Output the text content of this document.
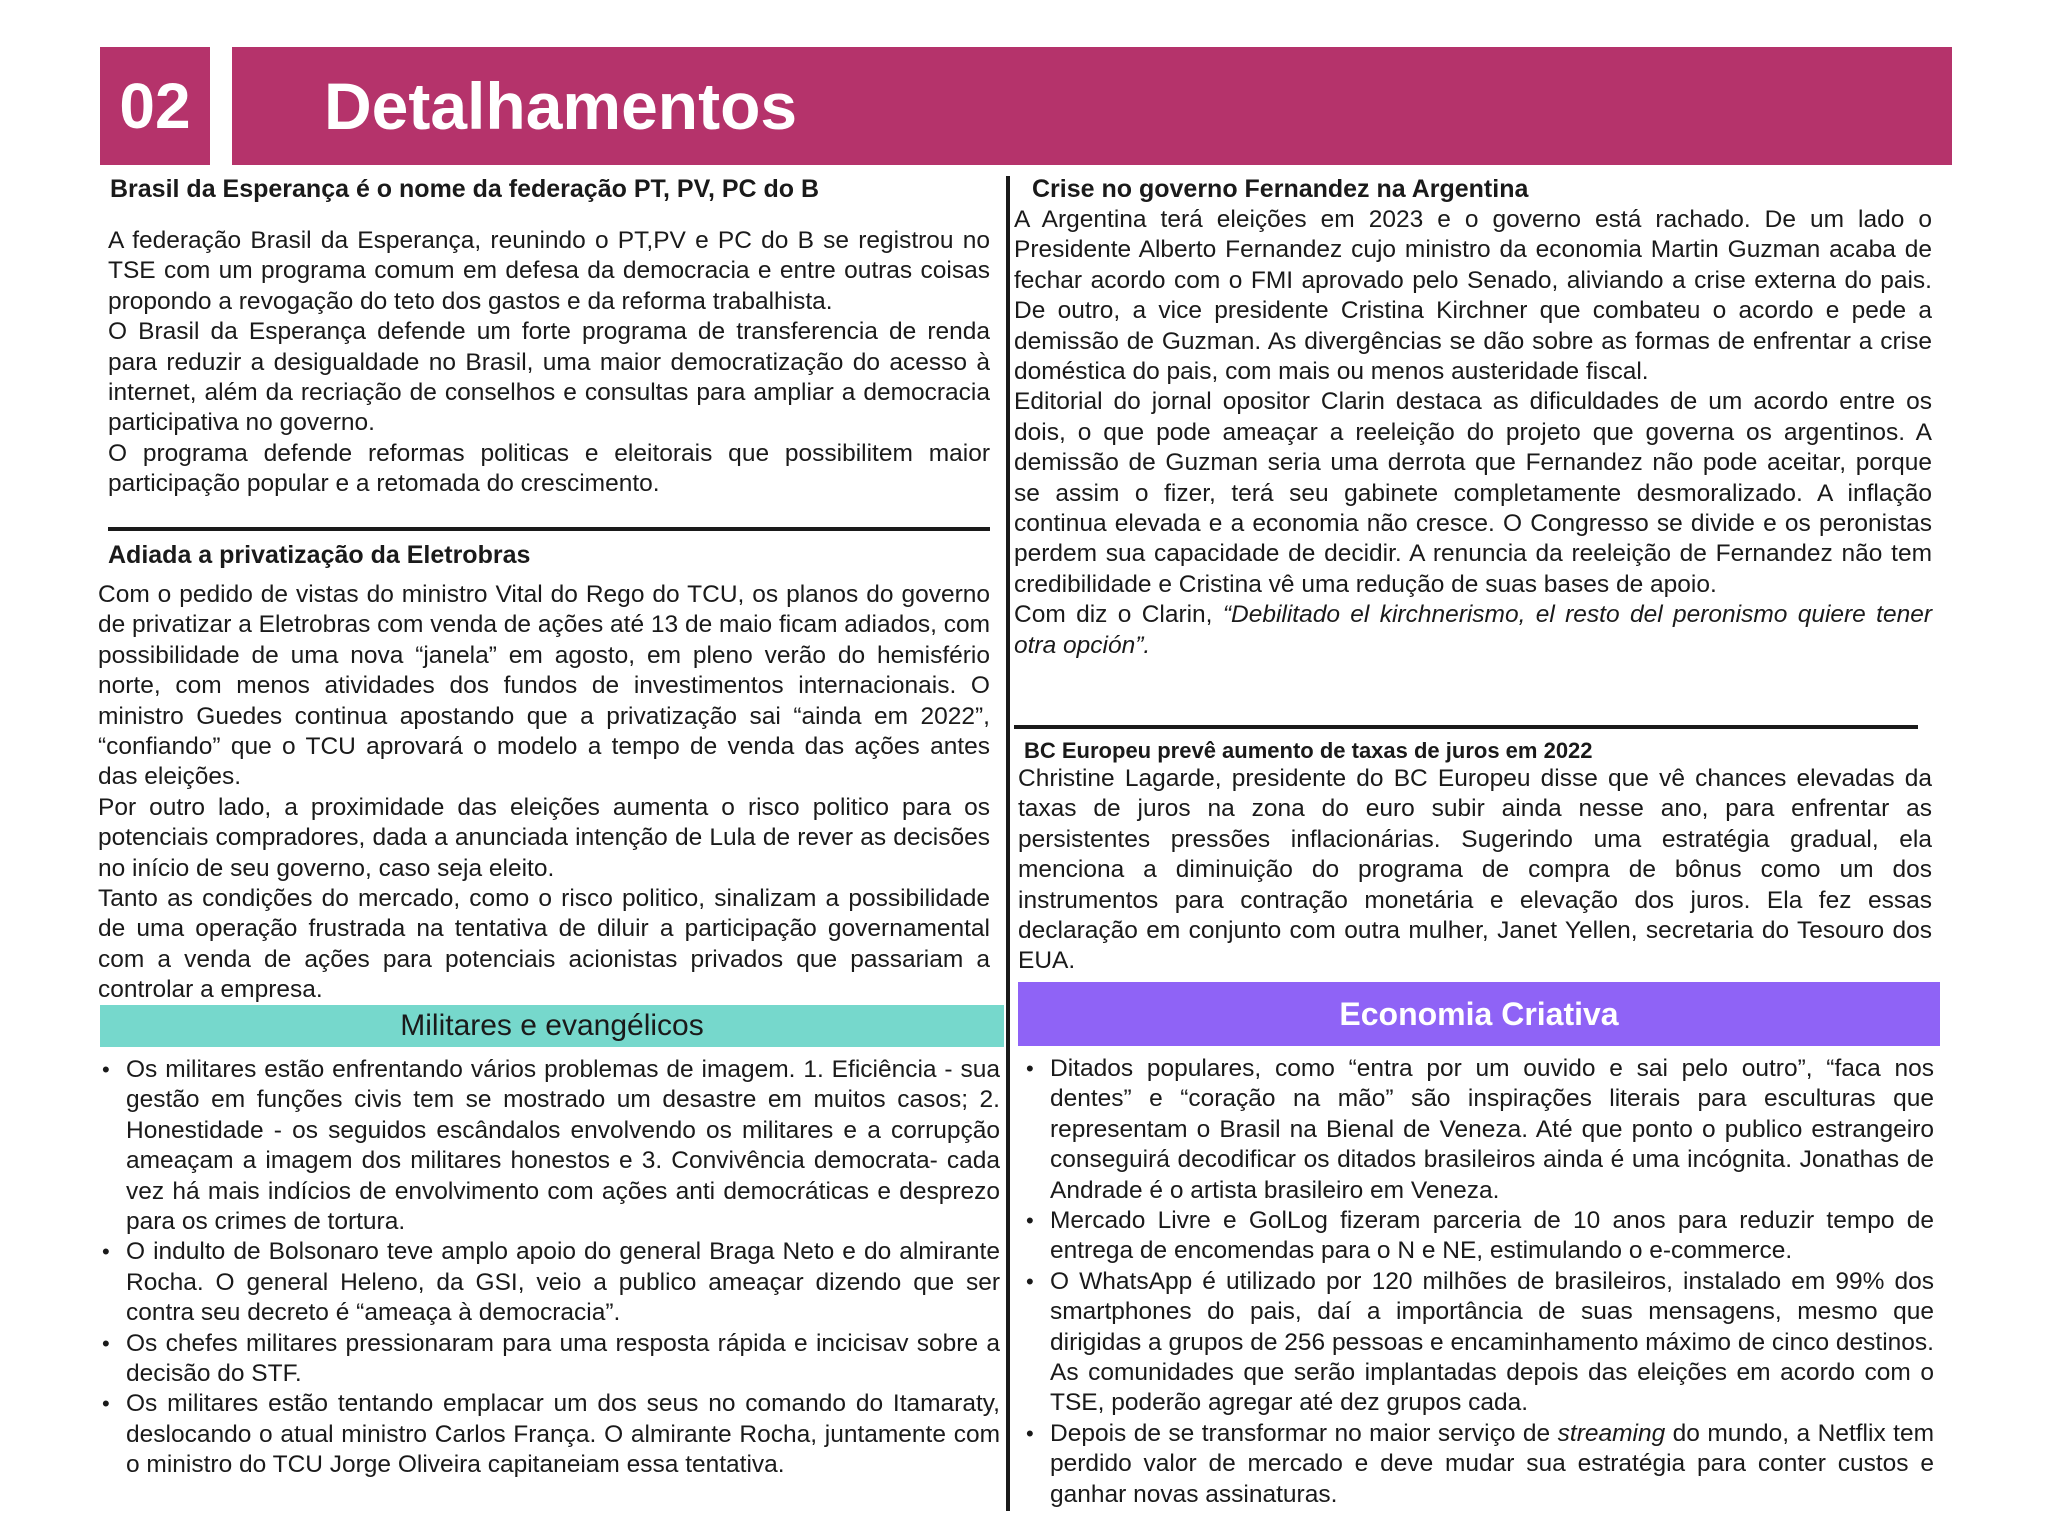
02	Detalhamentos
Brasil da Esperança é o nome da federação PT, PV, PC do B

A federação Brasil da Esperança, reunindo o PT,PV e PC do B se registrou no TSE com um programa comum em defesa da democracia e entre outras coisas propondo a revogação do teto dos gastos e da reforma trabalhista.

O Brasil da Esperança defende um forte programa de transferencia de renda para reduzir a desigualdade no Brasil, uma maior democratização do acesso à internet, além da recriação de conselhos e consultas para ampliar a democracia participativa no governo.

O programa defende reformas politicas e eleitorais que possibilitem maior participação popular e a retomada do crescimento.

Adiada a privatização da Eletrobras

Com o pedido de vistas do ministro Vital do Rego do TCU, os planos do governo de privatizar a Eletrobras com venda de ações até 13 de maio ficam adiados, com possibilidade de uma nova “janela” em agosto, em pleno verão do hemisfério norte, com menos atividades dos fundos de investimentos internacionais. O ministro Guedes continua apostando que a privatização sai “ainda em 2022”, “confiando” que o TCU aprovará o modelo a tempo de venda das ações antes das eleições.

Por outro lado, a proximidade das eleições aumenta o risco politico para os potenciais compradores, dada a anunciada intenção de Lula de rever as decisões no início de seu governo, caso seja eleito.

Tanto as condições do mercado, como o risco politico, sinalizam a possibilidade de uma operação frustrada na tentativa de diluir a participação governamental com a venda de ações para potenciais acionistas privados que passariam a controlar a empresa.

Militares e evangélicos
• Os militares estão enfrentando vários problemas de imagem. 1. Eficiência - sua gestão em funções civis tem se mostrado um desastre em muitos casos; 2. Honestidade - os seguidos escândalos envolvendo os militares e a corrupção ameaçam a imagem dos militares honestos e 3. Convivência democrata- cada vez há mais indícios de envolvimento com ações anti democráticas e desprezo para os crimes de tortura.
• O indulto de Bolsonaro teve amplo apoio do general Braga Neto e do almirante Rocha. O general Heleno, da GSI, veio a publico ameaçar dizendo que ser contra seu decreto é “ameaça à democracia”.
• Os chefes militares pressionaram para uma resposta rápida e incicisav sobre a decisão do STF.
• Os militares estão tentando emplacar um dos seus no comando do Itamaraty, deslocando o atual ministro Carlos França. O almirante Rocha, juntamente com o ministro do TCU Jorge Oliveira capitaneiam essa tentativa.
Crise no governo Fernandez na Argentina

A Argentina terá eleições em 2023 e o governo está rachado. De um lado o Presidente Alberto Fernandez cujo ministro da economia Martin Guzman acaba de fechar acordo com o FMI aprovado pelo Senado, aliviando a crise externa do pais. De outro, a vice presidente Cristina Kirchner que combateu o acordo e pede a demissão de Guzman. As divergências se dão sobre as formas de enfrentar a crise doméstica do pais, com mais ou menos austeridade fiscal.

Editorial do jornal opositor Clarin destaca as dificuldades de um acordo entre os dois, o que pode ameaçar a reeleição do projeto que governa os argentinos. A demissão de Guzman seria uma derrota que Fernandez não pode aceitar, porque se assim o fizer, terá seu gabinete completamente desmoralizado. A inflação continua elevada e a economia não cresce. O Congresso se divide e os peronistas perdem sua capacidade de decidir. A renuncia da reeleição de Fernandez não tem credibilidade e Cristina vê uma redução de suas bases de apoio.

Com diz o Clarin, “Debilitado el kirchnerismo, el resto del peronismo quiere tener otra opción”.

BC Europeu prevê aumento de taxas de juros em 2022

Christine Lagarde, presidente do BC Europeu disse que vê chances elevadas da taxas de juros na zona do euro subir ainda nesse ano, para enfrentar as persistentes pressões inflacionárias. Sugerindo uma estratégia gradual, ela menciona a diminuição do programa de compra de bônus como um dos instrumentos para contração monetária e elevação dos juros. Ela fez essas declaração em conjunto com outra mulher, Janet Yellen, secretaria do Tesouro dos EUA.

Economia Criativa
• Ditados populares, como “entra por um ouvido e sai pelo outro”, “faca nos dentes” e “coração na mão” são inspirações literais para esculturas que representam o Brasil na Bienal de Veneza. Até que ponto o publico estrangeiro conseguirá decodificar os ditados brasileiros ainda é uma incógnita. Jonathas de Andrade é o artista brasileiro em Veneza.
• Mercado Livre e GolLog fizeram parceria de 10 anos para reduzir tempo de entrega de encomendas para o N e NE, estimulando o e-commerce.
• O WhatsApp é utilizado por 120 milhões de brasileiros, instalado em 99% dos smartphones do pais, daí a importância de suas mensagens, mesmo que dirigidas a grupos de 256 pessoas e encaminhamento máximo de cinco destinos. As comunidades que serão implantadas depois das eleições em acordo com o TSE, poderão agregar até dez grupos cada.
• Depois de se transformar no maior serviço de streaming do mundo, a Netflix tem perdido valor de mercado e deve mudar sua estratégia para conter custos e ganhar novas assinaturas.
